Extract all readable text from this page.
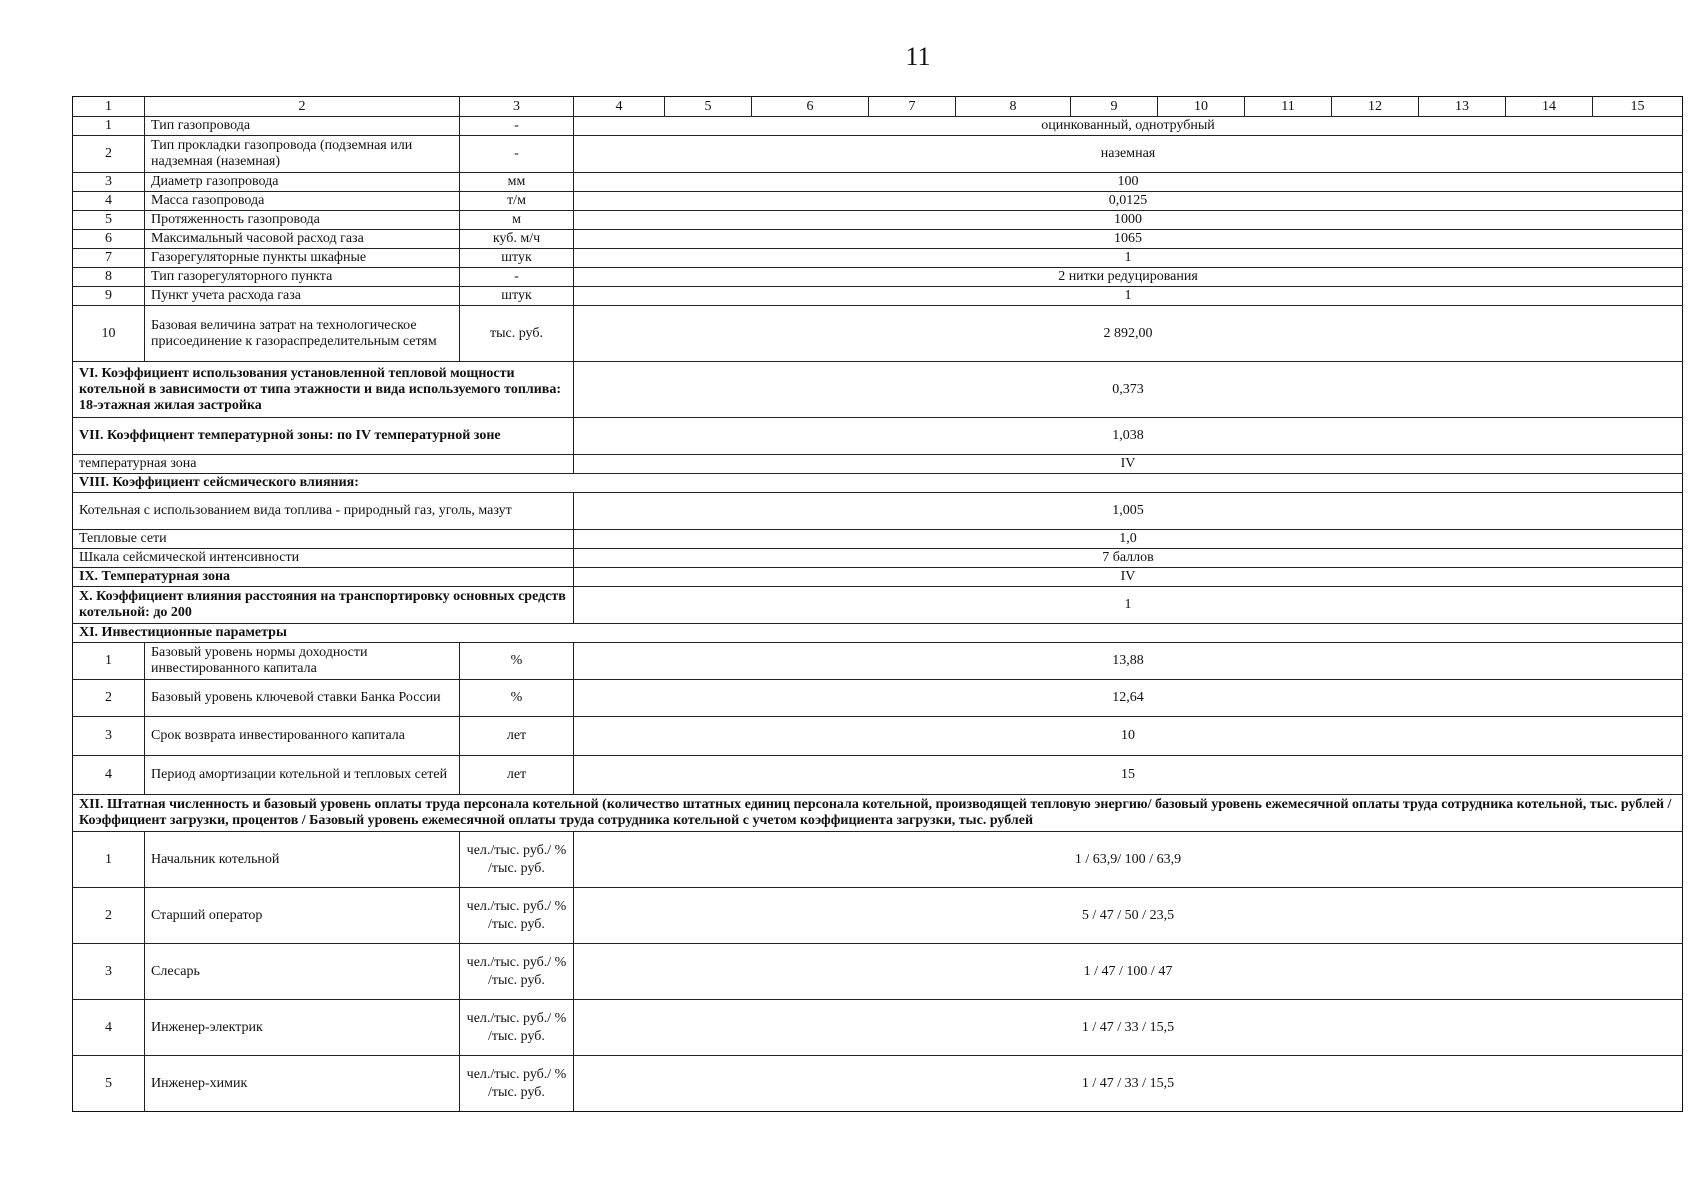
11
1	2	3	4	5	6	7	8	9	10	11	12	13	14	15
1	Тип газопровода	-	оцинкованный, однотрубный											
2	Тип прокладки газопровода (подземная или надземная (наземная)	-	наземная											
3	Диаметр газопровода	мм	100											
4	Масса газопровода	т/м	0,0125											
5	Протяженность газопровода	м	1000											
6	Максимальный часовой расход газа	куб. м/ч	1065											
7	Газорегуляторные пункты шкафные	штук	1											
8	Тип газорегуляторного пункта	-	2 нитки редуцирования											
9	Пункт учета расхода газа	штук	1											
10	Базовая величина затрат на технологическое присоединение к газораспределительным сетям	тыс. руб.	2 892,00											
VI. Коэффициент использования установленной тепловой мощности котельной в зависимости от типа этажности и вида используемого топлива: 18-этажная жилая застройка			0,373											
VII. Коэффициент температурной зоны: по IV температурной зоне			1,038											
температурная зона			IV											
VIII. Коэффициент сейсмического влияния:														
Котельная с использованием вида топлива - природный газ, уголь, мазут			1,005											
Тепловые сети			1,0											
Шкала сейсмической интенсивности			7 баллов											
IX. Температурная зона			IV											
X. Коэффициент влияния расстояния на транспортировку основных средств котельной: до 200			1											
XI. Инвестиционные параметры														
1	Базовый уровень нормы доходности инвестированного капитала	%	13,88											
2	Базовый уровень ключевой ставки Банка России	%	12,64											
3	Срок возврата инвестированного капитала	лет	10											
4	Период амортизации котельной и тепловых сетей	лет	15											
XII. Штатная численность и базовый уровень оплаты труда персонала котельной (количество штатных единиц персонала котельной, производящей тепловую энергию/ базовый уровень ежемесячной оплаты труда сотрудника котельной, тыс. рублей / Коэффициент загрузки, процентов / Базовый уровень ежемесячной оплаты труда сотрудника котельной с учетом коэффициента загрузки, тыс. рублей														
1	Начальник котельной	чел./тыс. руб./ % /тыс. руб.	1 / 63,9/ 100 / 63,9											
2	Старший оператор	чел./тыс. руб./ % /тыс. руб.	5 / 47 / 50 / 23,5											
3	Слесарь	чел./тыс. руб./ % /тыс. руб.	1 / 47 / 100 / 47											
4	Инженер-электрик	чел./тыс. руб./ % /тыс. руб.	1 / 47 / 33 / 15,5											
5	Инженер-химик	чел./тыс. руб./ % /тыс. руб.	1 / 47 / 33 / 15,5											
